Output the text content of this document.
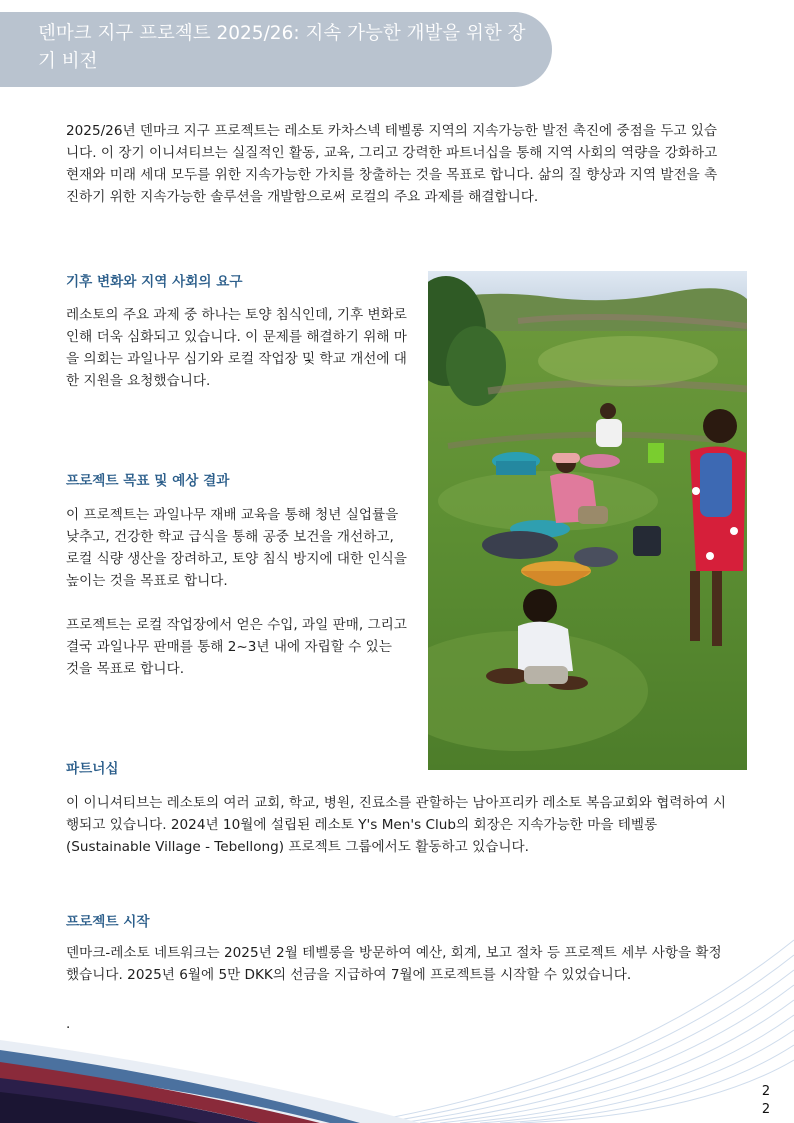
덴마크 지구 프로젝트 2025/26: 지속 가능한 개발을 위한 장기 비전

2025/26년 덴마크 지구 프로젝트는 레소토 카차스넥 테벨롱 지역의 지속가능한 발전 촉진에 중점을 두고 있습니다. 이 장기 이니셔티브는 실질적인 활동, 교육, 그리고 강력한 파트너십을 통해 지역 사회의 역량을 강화하고 현재와 미래 세대 모두를 위한 지속가능한 가치를 창출하는 것을 목표로 합니다. 삶의 질 향상과 지역 발전을 촉진하기 위한 지속가능한 솔루션을 개발함으로써 로컬의 주요 과제를 해결합니다.

기후 변화와 지역 사회의 요구

레소토의 주요 과제 중 하나는 토양 침식인데, 기후 변화로 인해 더욱 심화되고 있습니다. 이 문제를 해결하기 위해 마을 의회는 과일나무 심기와 로컬 작업장 및 학교 개선에 대한 지원을 요청했습니다.

프로젝트 목표 및 예상 결과

이 프로젝트는 과일나무 재배 교육을 통해 청년 실업률을 낮추고, 건강한 학교 급식을 통해 공중 보건을 개선하고, 로컬 식량 생산을 장려하고, 토양 침식 방지에 대한 인식을 높이는 것을 목표로 합니다.

프로젝트는 로컬 작업장에서 얻은 수입, 과일 판매, 그리고 결국 과일나무 판매를 통해 2~3년 내에 자립할 수 있는 것을 목표로 합니다.

파트너십

이 이니셔티브는 레소토의 여러 교회, 학교, 병원, 진료소를 관할하는 남아프리카 레소토 복음교회와 협력하여 시행되고 있습니다. 2024년 10월에 설립된 레소토 Y's Men's Club의 회장은 지속가능한 마을 테벨롱(Sustainable Village - Tebellong) 프로젝트 그룹에서도 활동하고 있습니다.

프로젝트 시작

덴마크-레소토 네트워크는 2025년 2월 테벨롱을 방문하여 예산, 회계, 보고 절차 등 프로젝트 세부 사항을 확정했습니다. 2025년 6월에 5만 DKK의 선금을 지급하여 7월에 프로젝트를 시작할 수 있었습니다.

.

2
2
